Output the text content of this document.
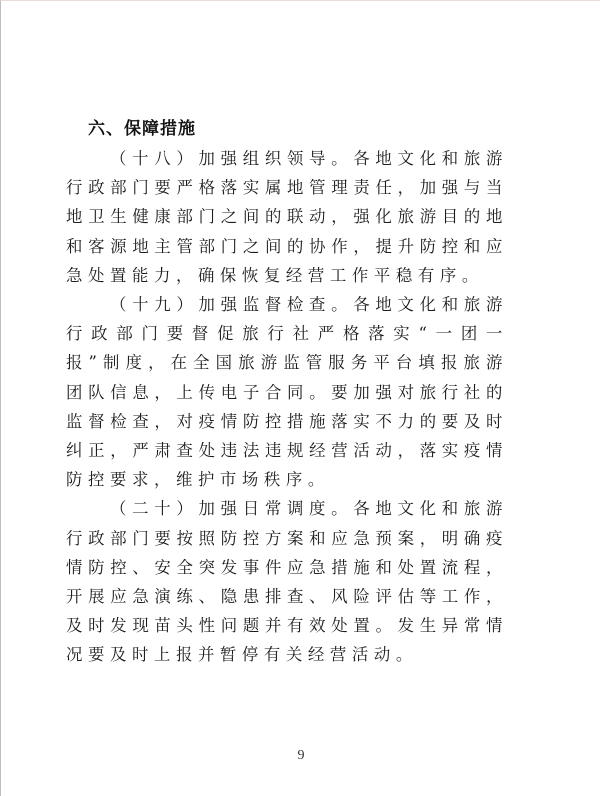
六、保障措施

（十八）加强组织领导。各地文化和旅游行政部门要严格落实属地管理责任，加强与当地卫生健康部门之间的联动，强化旅游目的地和客源地主管部门之间的协作，提升防控和应急处置能力，确保恢复经营工作平稳有序。

（十九）加强监督检查。各地文化和旅游行政部门要督促旅行社严格落实“一团一报”制度，在全国旅游监管服务平台填报旅游团队信息，上传电子合同。要加强对旅行社的监督检查，对疫情防控措施落实不力的要及时纠正，严肃查处违法违规经营活动，落实疫情防控要求，维护市场秩序。

（二十）加强日常调度。各地文化和旅游行政部门要按照防控方案和应急预案，明确疫情防控、安全突发事件应急措施和处置流程，开展应急演练、隐患排查、风险评估等工作，及时发现苗头性问题并有效处置。发生异常情况要及时上报并暂停有关经营活动。

9
